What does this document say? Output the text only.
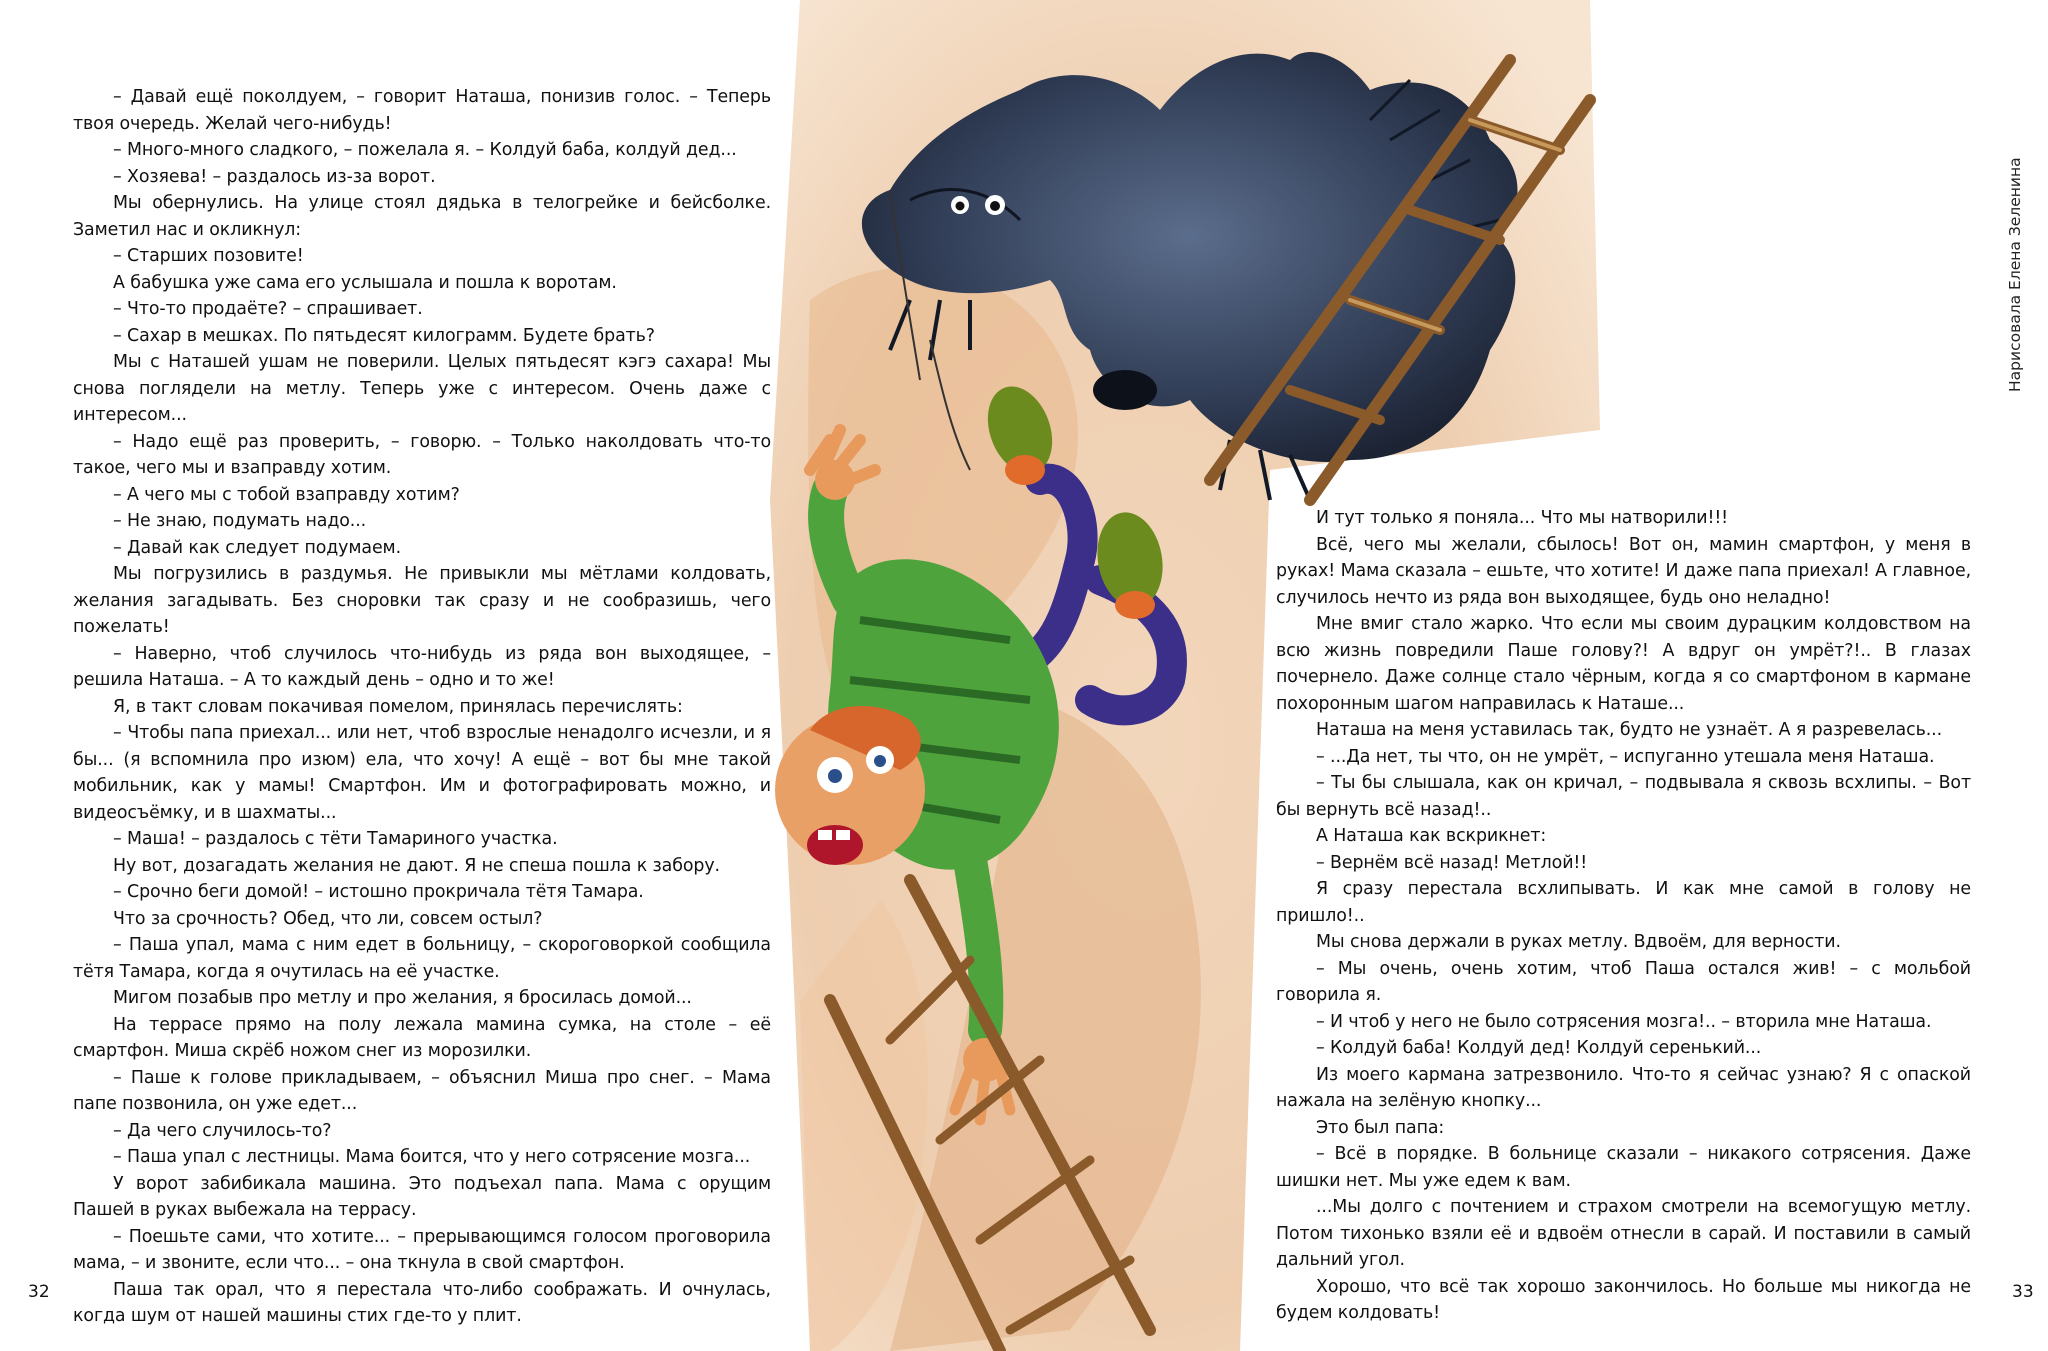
– Давай ещё поколдуем, – говорит Наташа, понизив голос. – Теперь твоя очередь. Желай чего-нибудь!

– Много-много сладкого, – пожелала я. – Колдуй баба, колдуй дед...

– Хозяева! – раздалось из-за ворот.

Мы обернулись. На улице стоял дядька в телогрейке и бейсболке. Заметил нас и окликнул:

– Старших позовите!

А бабушка уже сама его услышала и пошла к воротам.

– Что-то продаёте? – спрашивает.

– Сахар в мешках. По пятьдесят килограмм. Будете брать?

Мы с Наташей ушам не поверили. Целых пятьдесят кэгэ сахара! Мы снова поглядели на метлу. Теперь уже с интересом. Очень даже с интересом...

– Надо ещё раз проверить, – говорю. – Только наколдовать что-то такое, чего мы и взаправду хотим.

– А чего мы с тобой взаправду хотим?

– Не знаю, подумать надо...

– Давай как следует подумаем.

Мы погрузились в раздумья. Не привыкли мы мётлами колдовать, желания загадывать. Без сноровки так сразу и не сообразишь, чего пожелать!

– Наверно, чтоб случилось что-нибудь из ряда вон выходящее, – решила Наташа. – А то каждый день – одно и то же!

Я, в такт словам покачивая помелом, принялась перечислять:

– Чтобы папа приехал... или нет, чтоб взрослые ненадолго исчезли, и я бы... (я вспомнила про изюм) ела, что хочу! А ещё – вот бы мне такой мобильник, как у мамы! Смартфон. Им и фотографировать можно, и видеосъёмку, и в шахматы...

– Маша! – раздалось с тёти Тамариного участка.

Ну вот, дозагадать желания не дают. Я не спеша пошла к забору.

– Срочно беги домой! – истошно прокричала тётя Тамара.

Что за срочность? Обед, что ли, совсем остыл?

– Паша упал, мама с ним едет в больницу, – скороговоркой сообщила тётя Тамара, когда я очутилась на её участке.

Мигом позабыв про метлу и про желания, я бросилась домой...

На террасе прямо на полу лежала мамина сумка, на столе – её смартфон. Миша скрёб ножом снег из морозилки.

– Паше к голове прикладываем, – объяснил Миша про снег. – Мама папе позвонила, он уже едет...

– Да чего случилось-то?

– Паша упал с лестницы. Мама боится, что у него сотрясение мозга...

У ворот забибикала машина. Это подъехал папа. Мама с орущим Пашей в руках выбежала на террасу.

– Поешьте сами, что хотите... – прерывающимся голосом проговорила мама, – и звоните, если что... – она ткнула в свой смартфон.

Паша так орал, что я перестала что-либо соображать. И очнулась, когда шум от нашей машины стих где-то у плит.

И тут только я поняла... Что мы натворили!!!

Всё, чего мы желали, сбылось! Вот он, мамин смартфон, у меня в руках! Мама сказала – ешьте, что хотите! И даже папа приехал! А главное, случилось нечто из ряда вон выходящее, будь оно неладно!

Мне вмиг стало жарко. Что если мы своим дурацким колдовством на всю жизнь повредили Паше голову?! А вдруг он умрёт?!.. В глазах почернело. Даже солнце стало чёрным, когда я со смартфоном в кармане похоронным шагом направилась к Наташе...

Наташа на меня уставилась так, будто не узнаёт. А я разревелась...

– ...Да нет, ты что, он не умрёт, – испуганно утешала меня Наташа.

– Ты бы слышала, как он кричал, – подвывала я сквозь всхлипы. – Вот бы вернуть всё назад!..

А Наташа как вскрикнет:

– Вернём всё назад! Метлой!!

Я сразу перестала всхлипывать. И как мне самой в голову не пришло!..

Мы снова держали в руках метлу. Вдвоём, для верности.

– Мы очень, очень хотим, чтоб Паша остался жив! – с мольбой говорила я.

– И чтоб у него не было сотрясения мозга!.. – вторила мне Наташа.

– Колдуй баба! Колдуй дед! Колдуй сеpенький...

Из моего кармана затрезвонило. Что-то я сейчас узнаю? Я с опаской нажала на зелёную кнопку...

Это был папа:

– Всё в порядке. В больнице сказали – никакого сотрясения. Даже шишки нет. Мы уже едем к вам.

...Мы долго с почтением и страхом смотрели на всемогущую метлу. Потом тихонько взяли её и вдвоём отнесли в сарай. И поставили в самый дальний угол.

Хорошо, что всё так хорошо закончилось. Но больше мы никогда не будем колдовать!

Нарисовала Елена Зеленина
32	33
